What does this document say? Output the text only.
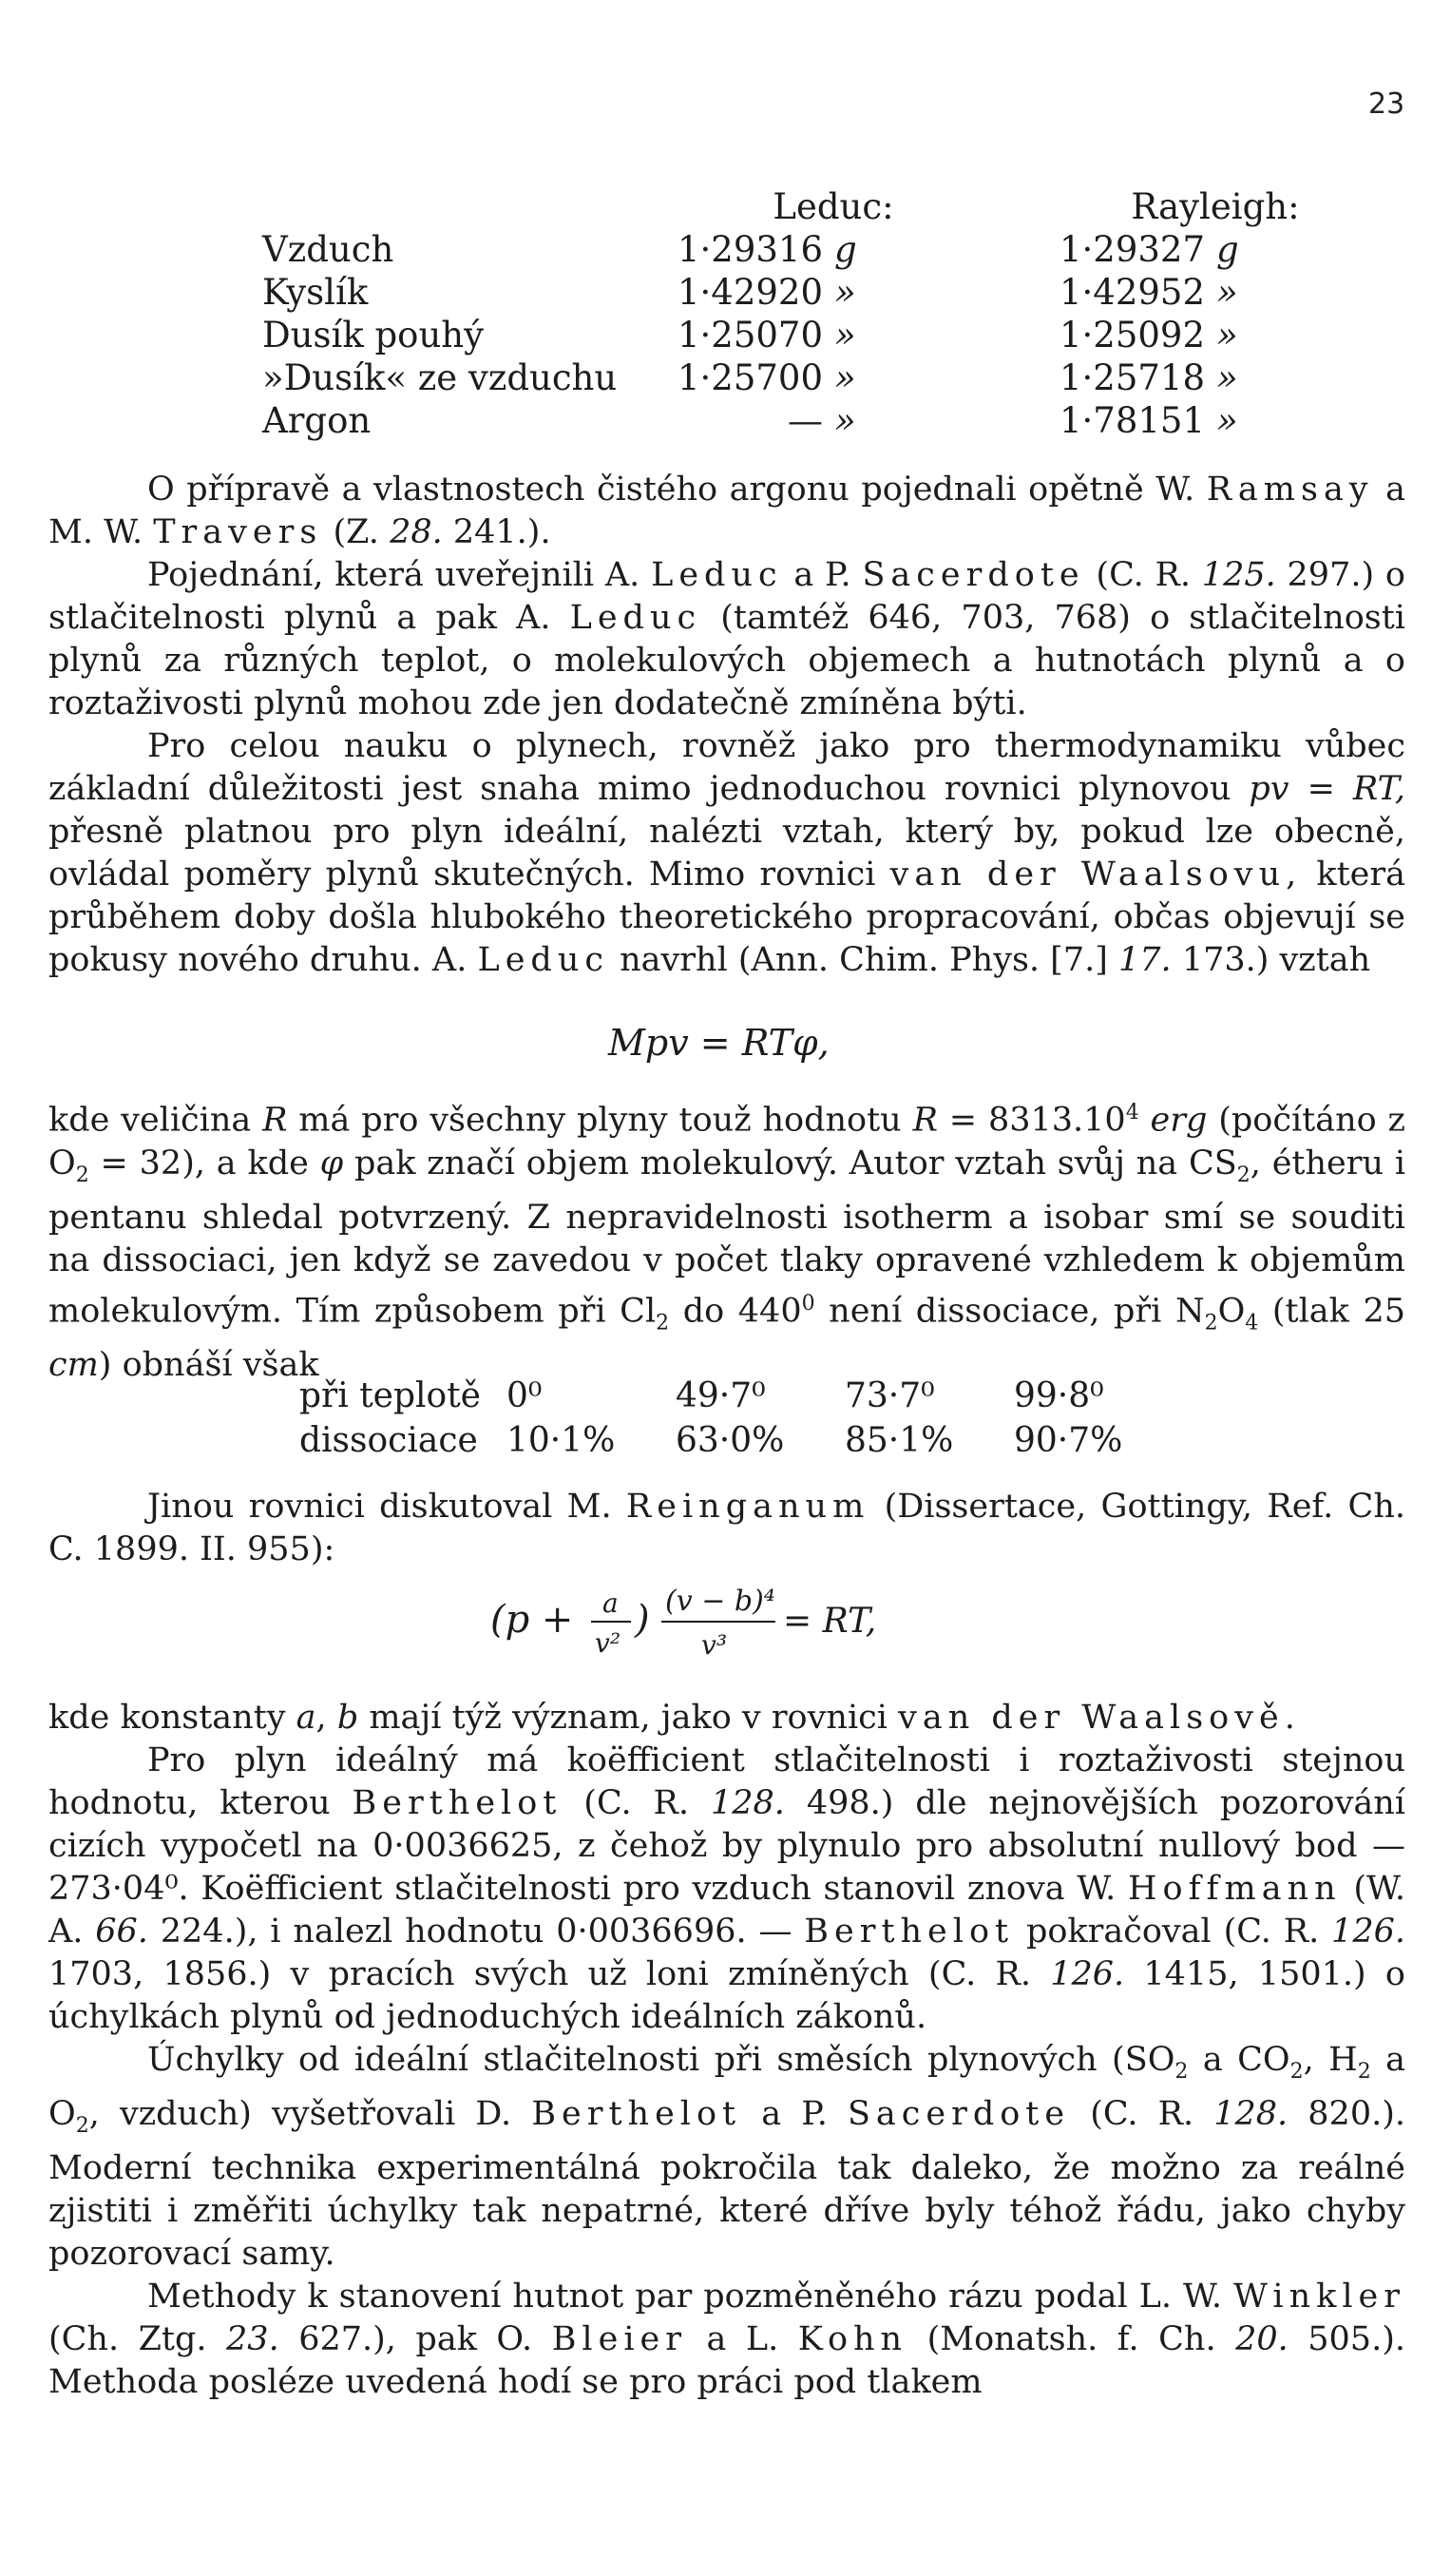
23
	Leduc:		Rayleigh:	
Vzduch	1·29316	g	1·29327	g
Kyslík	1·42920	»	1·42952	»
Dusík pouhý	1·25070	»	1·25092	»
»Dusík« ze vzduchu	1·25700	»	1·25718	»
Argon	—	»	1·78151	»

O přípravě a vlastnostech čistého argonu pojednali opětně W. Ramsay a M. W. Travers (Z. 28. 241.).

Pojednání, která uveřejnili A. Leduc a P. Sacerdote (C. R. 125. 297.) o stlačitelnosti plynů a pak A. Leduc (tamtéž 646, 703, 768) o stlačitelnosti plynů za různých teplot, o molekulových objemech a hutnotách plynů a o roztaživosti plynů mohou zde jen dodatečně zmíněna býti.

Pro celou nauku o plynech, rovněž jako pro thermodynamiku vůbec základní důležitosti jest snaha mimo jednoduchou rovnici plynovou pv = RT, přesně platnou pro plyn ideální, nalézti vztah, který by, pokud lze obecně, ovládal poměry plynů skutečných. Mimo rovnici van der Waalsovu, která průběhem doby došla hlubokého theoretického propracování, občas objevují se pokusy nového druhu. A. Leduc navrhl (Ann. Chim. Phys. [7.] 17. 173.) vztah

Mpv = RTφ,

kde veličina R má pro všechny plyny touž hodnotu $R = 8313.10^4$ erg (počítáno z $O_2 = 32$), a kde φ pak značí objem molekulový. Autor vztah svůj na $CS_2$, étheru i pentanu shledal potvrzený. Z nepravidelnosti isotherm a isobar smí se souditi na dissociaci, jen když se zavedou v počet tlaky opravené vzhledem k objemům molekulovým. Tím způsobem při $Cl_2$ do $440^0$ není dissociace, při $N_2O_4$ (tlak 25 cm) obnáší však

při teplotě	0⁰	49·7⁰	73·7⁰	99·8⁰
dissociace	10·1%	63·0%	85·1%	90·7%

Jinou rovnici diskutoval M. Reinganum (Dissertace, Gottingy, Ref. Ch. C. 1899. II. 955):

(p + a
v²
) (v − b)⁴
v³
= RT,

kde konstanty a, b mají týž význam, jako v rovnici van der Waalsově.

Pro plyn ideálný má koëfficient stlačitelnosti i roztaživosti stejnou hodnotu, kterou Berthelot (C. R. 128. 498.) dle nejnovějších pozorování cizích vypočetl na 0·0036625, z čehož by plynulo pro absolutní nullový bod — 273·04⁰. Koëfficient stlačitelnosti pro vzduch stanovil znova W. Hoffmann (W. A. 66. 224.), i nalezl hodnotu 0·0036696. — Berthelot pokračoval (C. R. 126. 1703, 1856.) v pracích svých už loni zmíněných (C. R. 126. 1415, 1501.) o úchylkách plynů od jednoduchých ideálních zákonů.

Úchylky od ideální stlačitelnosti při směsích plynových ($SO_2$ a $CO_2$, $H_2$ a $O_2$, vzduch) vyšetřovali D. Berthelot a P. Sacerdote (C. R. 128. 820.). Moderní technika experimentálná pokročila tak daleko, že možno za reálné zjistiti i změřiti úchylky tak nepatrné, které dříve byly téhož řádu, jako chyby pozorovací samy.

Methody k stanovení hutnot par pozměněného rázu podal L. W. Winkler (Ch. Ztg. 23. 627.), pak O. Bleier a L. Kohn (Monatsh. f. Ch. 20. 505.). Methoda posléze uvedená hodí se pro práci pod tlakem
